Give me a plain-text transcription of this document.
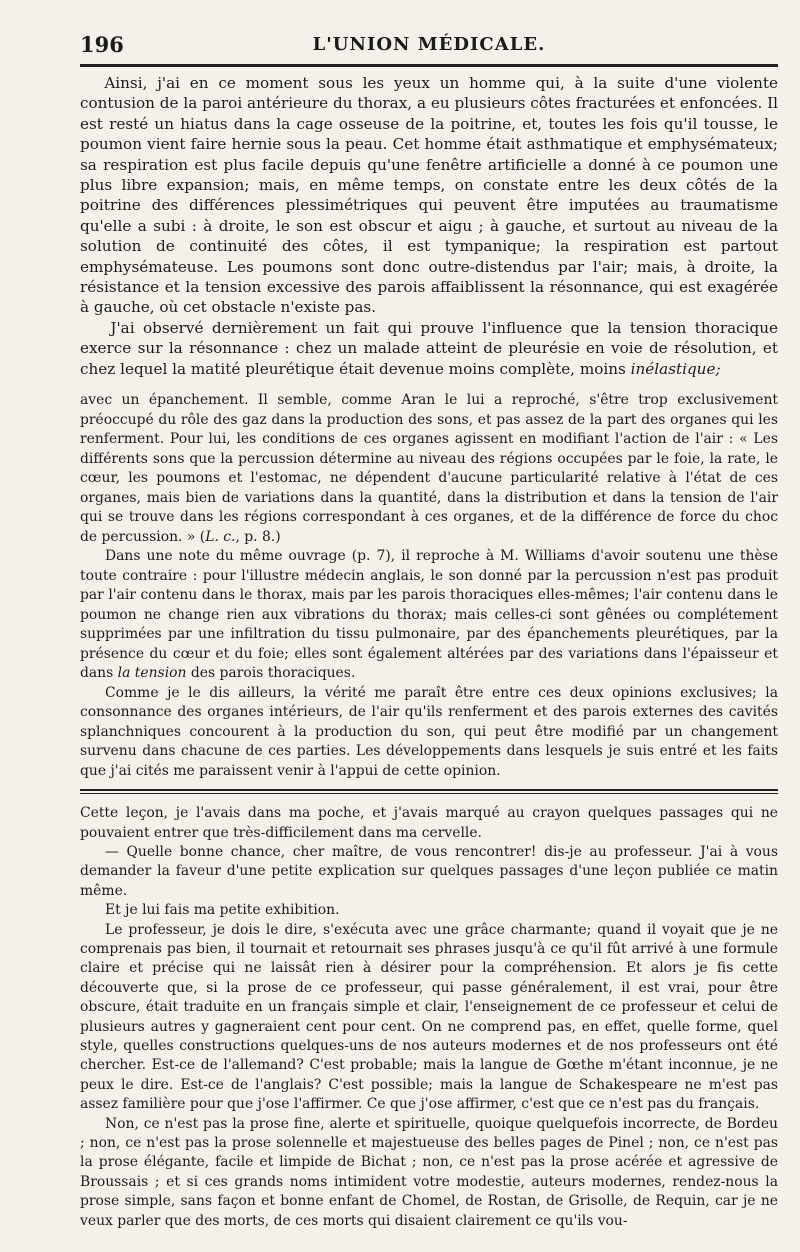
196	L'UNION MÉDICALE.

Ainsi, j'ai en ce moment sous les yeux un homme qui, à la suite d'une violente contusion de la paroi antérieure du thorax, a eu plusieurs côtes fracturées et enfoncées. Il est resté un hiatus dans la cage osseuse de la poitrine, et, toutes les fois qu'il tousse, le poumon vient faire hernie sous la peau. Cet homme était asthmatique et emphysémateux; sa respiration est plus facile depuis qu'une fenêtre artificielle a donné à ce poumon une plus libre expansion; mais, en même temps, on constate entre les deux côtés de la poitrine des différences plessimétriques qui peuvent être imputées au traumatisme qu'elle a subi : à droite, le son est obscur et aigu ; à gauche, et surtout au niveau de la solution de continuité des côtes, il est tympanique; la respiration est partout emphysémateuse. Les poumons sont donc outre-distendus par l'air; mais, à droite, la résistance et la tension excessive des parois affaiblissent la résonnance, qui est exagérée à gauche, où cet obstacle n'existe pas.

J'ai observé dernièrement un fait qui prouve l'influence que la tension thoracique exerce sur la résonnance : chez un malade atteint de pleurésie en voie de résolution, et chez lequel la matité pleurétique était devenue moins complète, moins inélastique;

avec un épanchement. Il semble, comme Aran le lui a reproché, s'être trop exclusivement préoccupé du rôle des gaz dans la production des sons, et pas assez de la part des organes qui les renferment. Pour lui, les conditions de ces organes agissent en modifiant l'action de l'air : « Les différents sons que la percussion détermine au niveau des régions occupées par le foie, la rate, le cœur, les poumons et l'estomac, ne dépendent d'aucune particularité relative à l'état de ces organes, mais bien de variations dans la quantité, dans la distribution et dans la tension de l'air qui se trouve dans les régions correspondant à ces organes, et de la différence de force du choc de percussion. » (L. c., p. 8.)

Dans une note du même ouvrage (p. 7), il reproche à M. Williams d'avoir soutenu une thèse toute contraire : pour l'illustre médecin anglais, le son donné par la percussion n'est pas produit par l'air contenu dans le thorax, mais par les parois thoraciques elles-mêmes; l'air contenu dans le poumon ne change rien aux vibrations du thorax; mais celles-ci sont gênées ou complétement supprimées par une infiltration du tissu pulmonaire, par des épanchements pleurétiques, par la présence du cœur et du foie; elles sont également altérées par des variations dans l'épaisseur et dans la tension des parois thoraciques.

Comme je le dis ailleurs, la vérité me paraît être entre ces deux opinions exclusives; la consonnance des organes intérieurs, de l'air qu'ils renferment et des parois externes des cavités splanchniques concourent à la production du son, qui peut être modifié par un changement survenu dans chacune de ces parties. Les développements dans lesquels je suis entré et les faits que j'ai cités me paraissent venir à l'appui de cette opinion.

Cette leçon, je l'avais dans ma poche, et j'avais marqué au crayon quelques passages qui ne pouvaient entrer que très-difficilement dans ma cervelle.

— Quelle bonne chance, cher maître, de vous rencontrer! dis-je au professeur. J'ai à vous demander la faveur d'une petite explication sur quelques passages d'une leçon publiée ce matin même.

Et je lui fais ma petite exhibition.

Le professeur, je dois le dire, s'exécuta avec une grâce charmante; quand il voyait que je ne comprenais pas bien, il tournait et retournait ses phrases jusqu'à ce qu'il fût arrivé à une formule claire et précise qui ne laissât rien à désirer pour la compréhension. Et alors je fis cette découverte que, si la prose de ce professeur, qui passe généralement, il est vrai, pour être obscure, était traduite en un français simple et clair, l'enseignement de ce professeur et celui de plusieurs autres y gagneraient cent pour cent. On ne comprend pas, en effet, quelle forme, quel style, quelles constructions quelques-uns de nos auteurs modernes et de nos professeurs ont été chercher. Est-ce de l'allemand? C'est probable; mais la langue de Gœthe m'étant inconnue, je ne peux le dire. Est-ce de l'anglais? C'est possible; mais la langue de Schakespeare ne m'est pas assez familière pour que j'ose l'affirmer. Ce que j'ose affirmer, c'est que ce n'est pas du français.

Non, ce n'est pas la prose fine, alerte et spirituelle, quoique quelquefois incorrecte, de Bordeu ; non, ce n'est pas la prose solennelle et majestueuse des belles pages de Pinel ; non, ce n'est pas la prose élégante, facile et limpide de Bichat ; non, ce n'est pas la prose acérée et agressive de Broussais ; et si ces grands noms intimident votre modestie, auteurs modernes, rendez-nous la prose simple, sans façon et bonne enfant de Chomel, de Rostan, de Grisolle, de Requin, car je ne veux parler que des morts, de ces morts qui disaient clairement ce qu'ils vou-
